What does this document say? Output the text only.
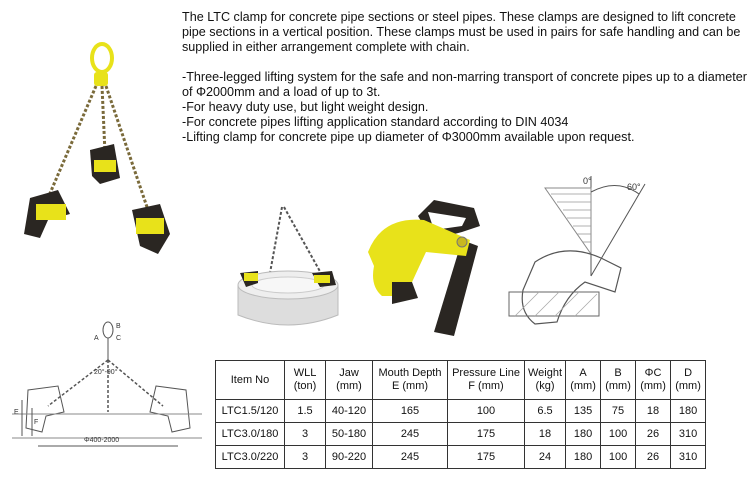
The LTC clamp for concrete pipe sections or steel pipes. These clamps are designed to lift concrete pipe sections in a vertical position. These clamps must be used in pairs for safe handling and can be supplied in either arrangement complete with chain.

-Three-legged lifting system for the safe and non-marring transport of concrete pipes up to a diameter of Φ2000mm and a load of up to 3t.
-For heavy duty use, but light weight design.
-For concrete pipes lifting application standard according to DIN 4034
-Lifting clamp for concrete pipe up diameter of Φ3000mm available upon request.
0°
60°
A
B
C
20°-90°
E
F
Φ400-2000
Item No	WLL (ton)	Jaw (mm)	Mouth Depth E (mm)	Pressure Line F (mm)	Weight (kg)	A (mm)	B (mm)	ΦC (mm)	D (mm)
LTC1.5/120	1.5	40-120	165	100	6.5	135	75	18	180
LTC3.0/180	3	50-180	245	175	18	180	100	26	310
LTC3.0/220	3	90-220	245	175	24	180	100	26	310
